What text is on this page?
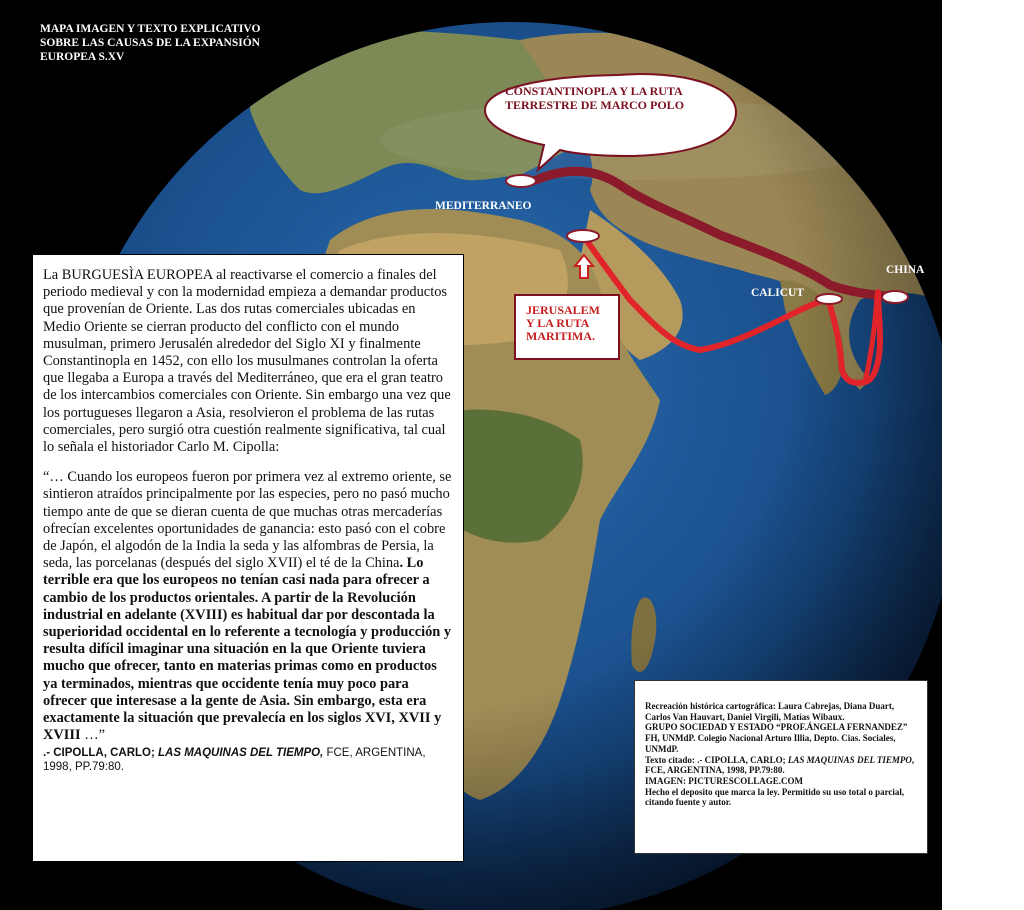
MAPA IMAGEN Y TEXTO EXPLICATIVO
SOBRE LAS CAUSAS DE LA EXPANSIÓN
EUROPEA S.XV
CONSTANTINOPLA Y LA RUTA TERRESTRE DE MARCO POLO
MEDITERRANEO
CALICUT
CHINA
JERUSALEM
Y LA RUTA
MARITIMA.

La BURGUESÌA EUROPEA al reactivarse el comercio a finales del periodo medieval y con la modernidad empieza a demandar productos que provenían de Oriente. Las dos rutas comerciales ubicadas en Medio Oriente se cierran producto del conflicto con el mundo musulman, primero Jerusalén alrededor del Siglo XI y finalmente Constantinopla en 1452, con ello los musulmanes controlan la oferta que llegaba a Europa a través del Mediterráneo, que era el gran teatro de los intercambios comerciales con Oriente. Sin embargo una vez que los portugueses llegaron a Asia, resolvieron el problema de las rutas comerciales, pero surgió otra cuestión realmente significativa, tal cual lo señala el historiador Carlo M. Cipolla:

“… Cuando los europeos fueron por primera vez al extremo oriente, se sintieron atraídos principalmente por las especies, pero no pasó mucho tiempo ante de que se dieran cuenta de que muchas otras mercaderías ofrecían excelentes oportunidades de ganancia: esto pasó con el cobre de Japón, el algodón de la India la seda y las alfombras de Persia, la seda, las porcelanas (después del siglo XVII) el té de la China. Lo terrible era que los europeos no tenían casi nada para ofrecer a cambio de los productos orientales. A partir de la Revolución industrial en adelante (XVIII) es habitual dar por descontada la superioridad occidental en lo referente a tecnología y producción y resulta difícil imaginar una situación en la que Oriente tuviera mucho que ofrecer, tanto en materias primas como en productos ya terminados, mientras que occidente tenía muy poco para ofrecer que interesase a la gente de Asia. Sin embargo, esta era exactamente la situación que prevalecía en los siglos XVI, XVII y XVIII …”

.- CIPOLLA, CARLO; LAS MAQUINAS DEL TIEMPO, FCE, ARGENTINA, 1998, PP.79:80.
Recreación histórica cartográfica: Laura Cabrejas, Diana Duart, Carlos Van Hauvart, Daniel Virgili, Matías Wibaux.
GRUPO SOCIEDAD Y ESTADO “PROF.ÁNGELA FERNANDEZ” FH, UNMdP. Colegio Nacional Arturo Illia, Depto. Cias. Sociales, UNMdP.
Texto citado: .- CIPOLLA, CARLO; LAS MAQUINAS DEL TIEMPO, FCE, ARGENTINA, 1998, PP.79:80.
IMAGEN: PICTURESCOLLAGE.COM
Hecho el deposito que marca la ley. Permitido su uso total o parcial, citando fuente y autor.
